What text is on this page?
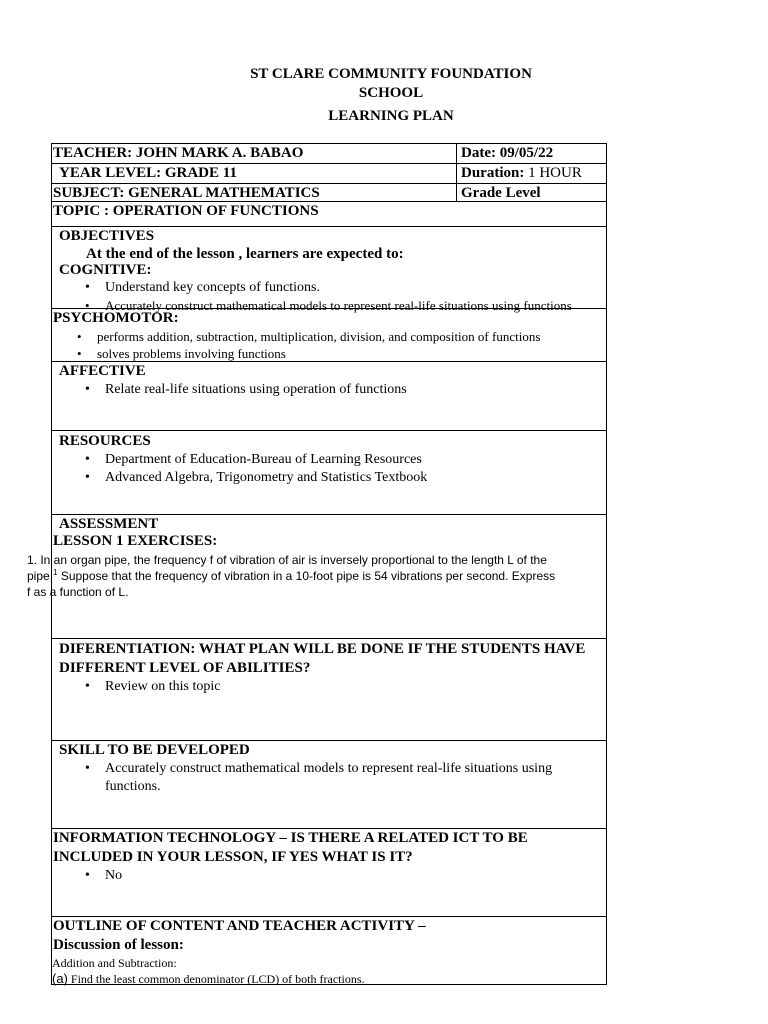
ST CLARE COMMUNITY FOUNDATION
SCHOOL
LEARNING PLAN
TEACHER: JOHN MARK A. BABAO	Date: 09/05/22
YEAR LEVEL: GRADE 11	Duration: 1 HOUR
SUBJECT: GENERAL MATHEMATICS	Grade Level
TOPIC : OPERATION OF FUNCTIONS
OBJECTIVES
At the end of the lesson , learners are expected to:
COGNITIVE:
• Understand key concepts of functions.
• Accurately construct mathematical models to represent real-life situations using functions
PSYCHOMOTOR:
• performs addition, subtraction, multiplication, division, and composition of functions
• solves problems involving functions
AFFECTIVE
• Relate real-life situations using operation of functions
RESOURCES
• Department of Education-Bureau of Learning Resources
• Advanced Algebra, Trigonometry and Statistics Textbook
ASSESSMENT
LESSON 1 EXERCISES:
1. In an organ pipe, the frequency f of vibration of air is inversely proportional to the length L of the
pipe.$^1$ Suppose that the frequency of vibration in a 10-foot pipe is 54 vibrations per second. Express
f as a function of L.
DIFERENTIATION: WHAT PLAN WILL BE DONE IF THE STUDENTS HAVE
DIFFERENT LEVEL OF ABILITIES?
• Review on this topic
SKILL TO BE DEVELOPED
• Accurately construct mathematical models to represent real-life situations using
functions.
INFORMATION TECHNOLOGY – IS THERE A RELATED ICT TO BE
INCLUDED IN YOUR LESSON, IF YES WHAT IS IT?
• No
OUTLINE OF CONTENT AND TEACHER ACTIVITY –
Discussion of lesson:
Addition and Subtraction:
(a) Find the least common denominator (LCD) of both fractions.
